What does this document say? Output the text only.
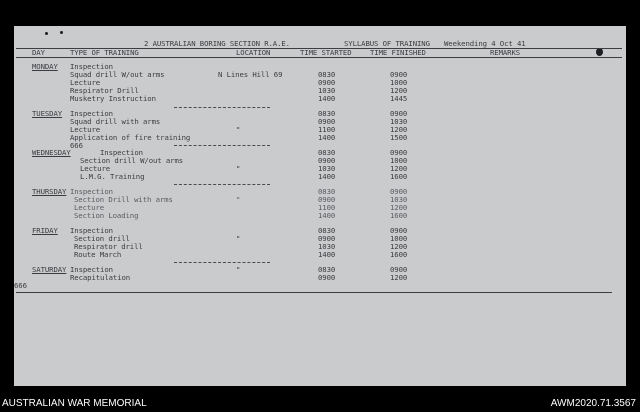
2 AUSTRALIAN BORING SECTION R.A.E.	SYLLABUS OF TRAINING Weekending 4 Oct 41
DAY	TYPE OF TRAINING	LOCATION	TIME STARTED	TIME FINISHED	REMARKS
MONDAY Inspection
Squad drill W/out arms	N Lines Hill 69	0830	0900
Lecture	0900	1000
Respirator Drill	1030	1200
Musketry Instruction	1400	1445
TUESDAY Inspection	0830	0900
Squad drill with arms	0900	1030
Lecture	"	1100	1200
Application of fire training	1400	1500
666
WEDNESDAY	Inspection	0830	0900
Section drill W/out arms	0900	1000
Lecture	"	1030	1200
L.M.G. Training	1400	1600
THURSDAY Inspection	0830	0900
Section Drill with arms	"	0900	1030
Lecture	1100	1200
Section Loading	1400	1600
FRIDAY Inspection	0830	0900
Section drill	"	0900	1000
Respirator drill	1030	1200
Route March	1400	1600
SATURDAY Inspection	"	0830	0900
Recapitulation	0900	1200
666
AUSTRALIAN WAR MEMORIAL	AWM2020.71.3567
